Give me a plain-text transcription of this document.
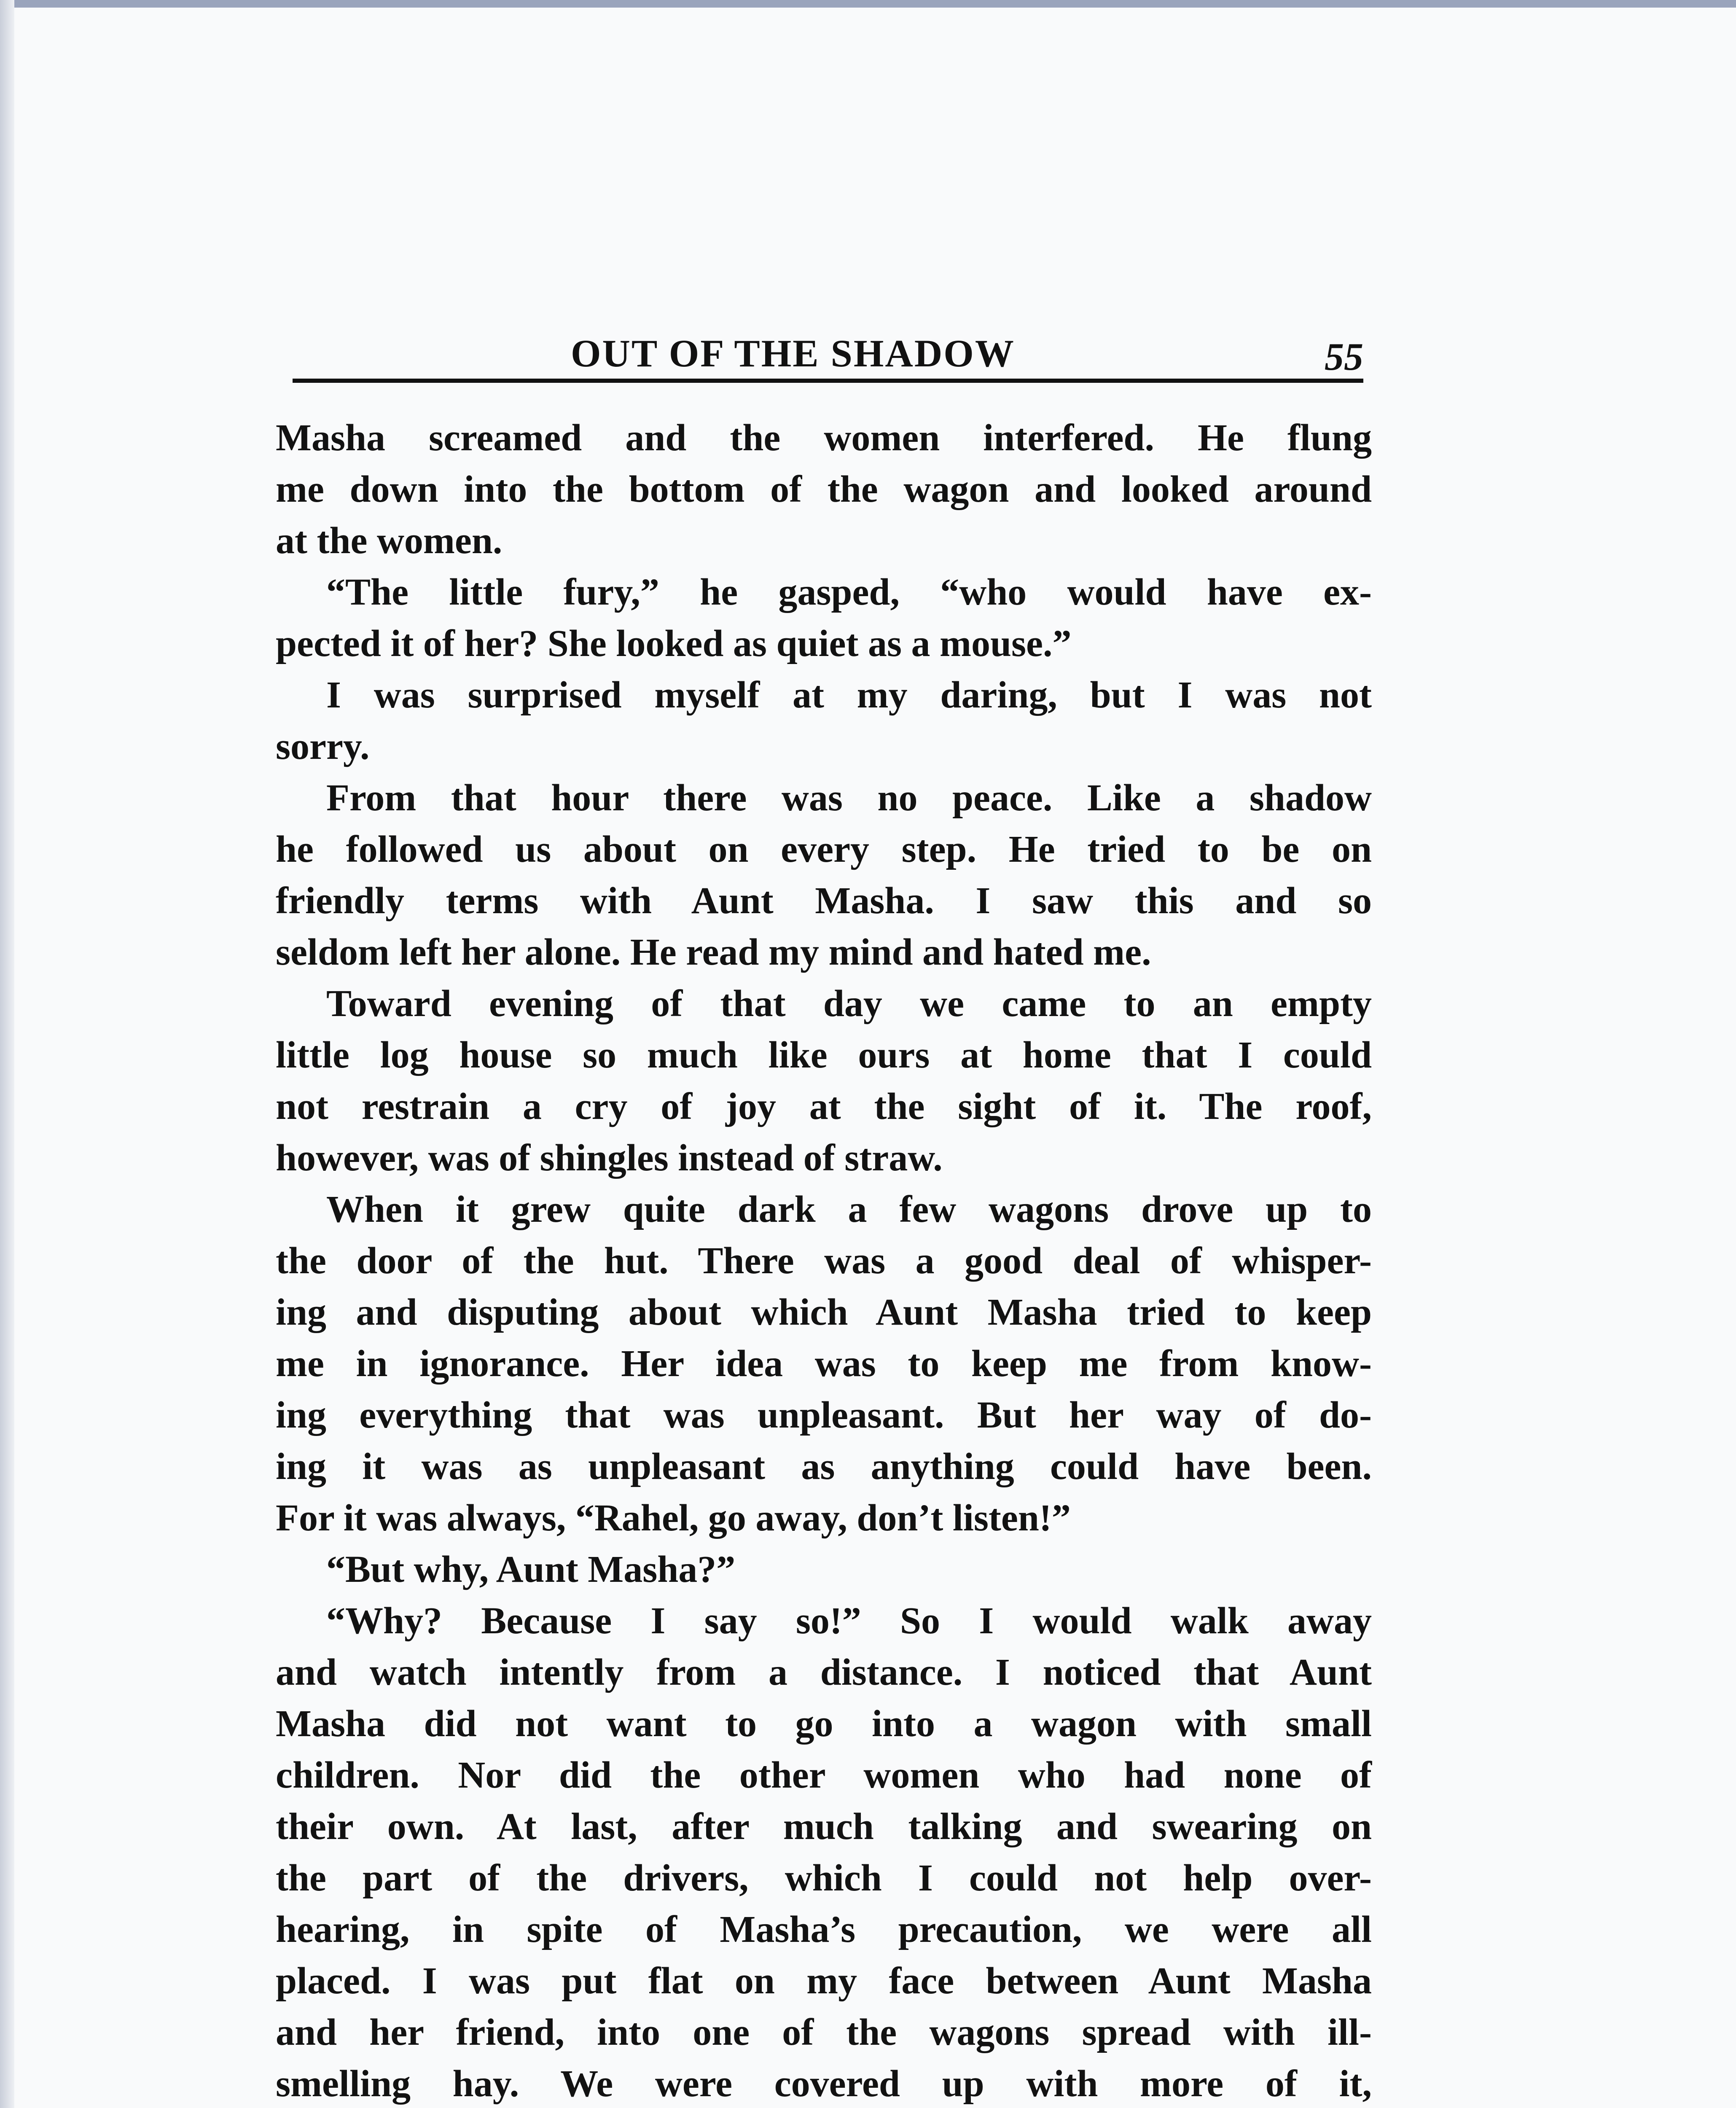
OUT OF THE SHADOW	55
Masha screamed and the women interfered. He flung
me down into the bottom of the wagon and looked around
at the women.
“The little fury,” he gasped, “who would have ex-
pected it of her? She looked as quiet as a mouse.”
I was surprised myself at my daring, but I was not
sorry.
From that hour there was no peace. Like a shadow
he followed us about on every step. He tried to be on
friendly terms with Aunt Masha. I saw this and so
seldom left her alone. He read my mind and hated me.
Toward evening of that day we came to an empty
little log house so much like ours at home that I could
not restrain a cry of joy at the sight of it. The roof,
however, was of shingles instead of straw.
When it grew quite dark a few wagons drove up to
the door of the hut. There was a good deal of whisper-
ing and disputing about which Aunt Masha tried to keep
me in ignorance. Her idea was to keep me from know-
ing everything that was unpleasant. But her way of do-
ing it was as unpleasant as anything could have been.
For it was always, “Rahel, go away, don’t listen!”
“But why, Aunt Masha?”
“Why? Because I say so!” So I would walk away
and watch intently from a distance. I noticed that Aunt
Masha did not want to go into a wagon with small
children. Nor did the other women who had none of
their own. At last, after much talking and swearing on
the part of the drivers, which I could not help over-
hearing, in spite of Masha’s precaution, we were all
placed. I was put flat on my face between Aunt Masha
and her friend, into one of the wagons spread with ill-
smelling hay. We were covered up with more of it,
